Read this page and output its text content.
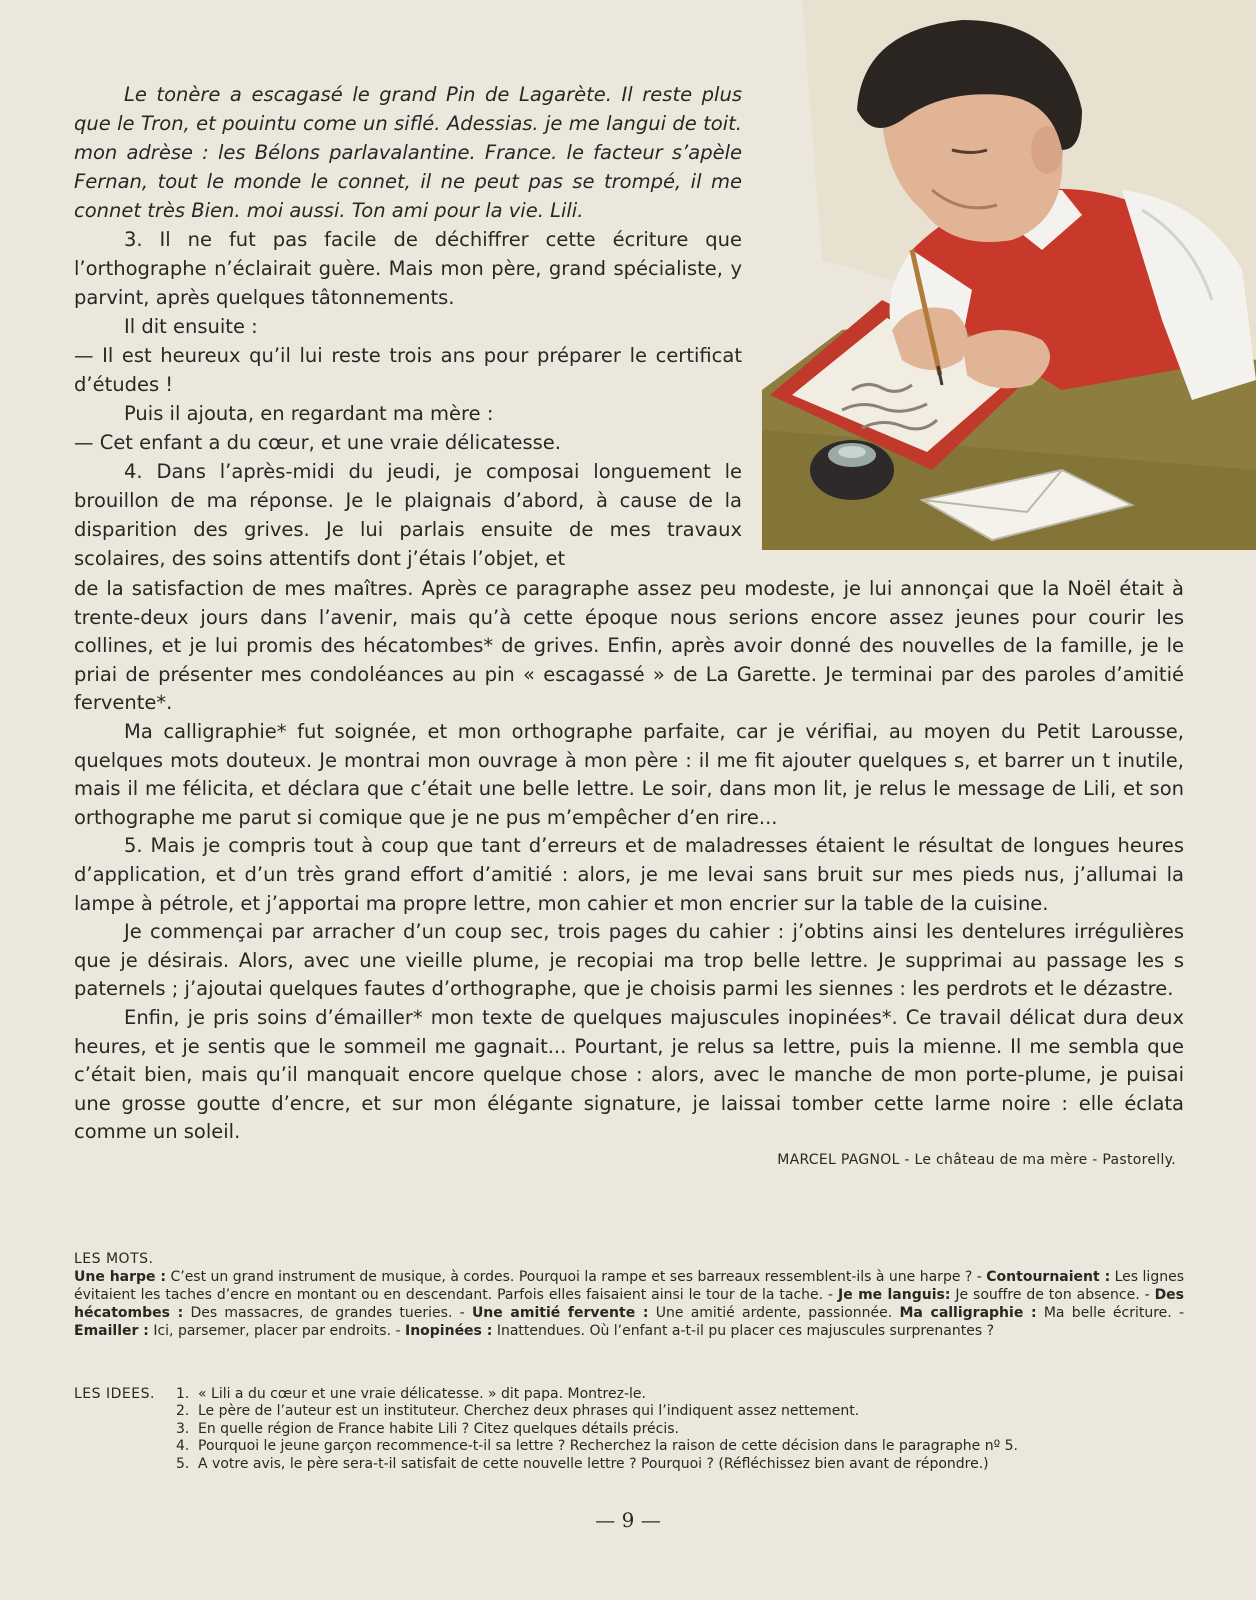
Le tonère a escagasé le grand Pin de Lagarète. Il reste plus que le Tron, et pouintu come un siflé. Adessias. je me langui de toit. mon adrèse : les Bélons parlavalantine. France. le facteur s’apèle Fernan, tout le monde le connet, il ne peut pas se trompé, il me connet très Bien. moi aussi. Ton ami pour la vie. Lili.

3. Il ne fut pas facile de déchiffrer cette écriture que l’orthographe n’éclairait guère. Mais mon père, grand spécialiste, y parvint, après quelques tâtonnements.

Il dit ensuite :

— Il est heureux qu’il lui reste trois ans pour préparer le certificat d’études !

Puis il ajouta, en regardant ma mère :

— Cet enfant a du cœur, et une vraie délicatesse.

4. Dans l’après-midi du jeudi, je composai longuement le brouillon de ma réponse. Je le plaignais d’abord, à cause de la disparition des grives. Je lui parlais ensuite de mes travaux scolaires, des soins attentifs dont j’étais l’objet, et

de la satisfaction de mes maîtres. Après ce paragraphe assez peu modeste, je lui annonçai que la Noël était à trente-deux jours dans l’avenir, mais qu’à cette époque nous serions encore assez jeunes pour courir les collines, et je lui promis des hécatombes* de grives. Enfin, après avoir donné des nouvelles de la famille, je le priai de présenter mes condoléances au pin « escagassé » de La Garette. Je terminai par des paroles d’amitié fervente*.

Ma calligraphie* fut soignée, et mon orthographe parfaite, car je vérifiai, au moyen du Petit Larousse, quelques mots douteux. Je montrai mon ouvrage à mon père : il me fit ajouter quelques s, et barrer un t inutile, mais il me félicita, et déclara que c’était une belle lettre. Le soir, dans mon lit, je relus le message de Lili, et son orthographe me parut si comique que je ne pus m’empêcher d’en rire...

5. Mais je compris tout à coup que tant d’erreurs et de maladresses étaient le résultat de longues heures d’application, et d’un très grand effort d’amitié : alors, je me levai sans bruit sur mes pieds nus, j’allumai la lampe à pétrole, et j’apportai ma propre lettre, mon cahier et mon encrier sur la table de la cuisine.

Je commençai par arracher d’un coup sec, trois pages du cahier : j’obtins ainsi les dentelures irrégulières que je désirais. Alors, avec une vieille plume, je recopiai ma trop belle lettre. Je supprimai au passage les s paternels ; j’ajoutai quelques fautes d’orthographe, que je choisis parmi les siennes : les perdrots et le dézastre.

Enfin, je pris soins d’émailler* mon texte de quelques majuscules inopinées*. Ce travail délicat dura deux heures, et je sentis que le sommeil me gagnait... Pourtant, je relus sa lettre, puis la mienne. Il me sembla que c’était bien, mais qu’il manquait encore quelque chose : alors, avec le manche de mon porte-plume, je puisai une grosse goutte d’encre, et sur mon élégante signature, je laissai tomber cette larme noire : elle éclata comme un soleil.

MARCEL PAGNOL - Le château de ma mère - Pastorelly.

LES MOTS.

Une harpe : C’est un grand instrument de musique, à cordes. Pourquoi la rampe et ses barreaux ressemblent-ils à une harpe ? - Contournaient : Les lignes évitaient les taches d’encre en montant ou en descendant. Parfois elles faisaient ainsi le tour de la tache. - Je me languis: Je souffre de ton absence. - Des hécatombes : Des massacres, de grandes tueries. - Une amitié fervente : Une amitié ardente, passionnée. Ma calligraphie : Ma belle écriture. - Emailler : Ici, parsemer, placer par endroits. - Inopinées : Inattendues. Où l’enfant a-t-il pu placer ces majuscules surprenantes ?

LES IDEES. 1. « Lili a du cœur et une vraie délicatesse. » dit papa. Montrez-le.
2. Le père de l’auteur est un instituteur. Cherchez deux phrases qui l’indiquent assez nettement.
3. En quelle région de France habite Lili ? Citez quelques détails précis.
4. Pourquoi le jeune garçon recommence-t-il sa lettre ? Recherchez la raison de cette décision dans le paragraphe nº 5.
5. A votre avis, le père sera-t-il satisfait de cette nouvelle lettre ? Pourquoi ? (Réfléchissez bien avant de répondre.)
— 9 —
